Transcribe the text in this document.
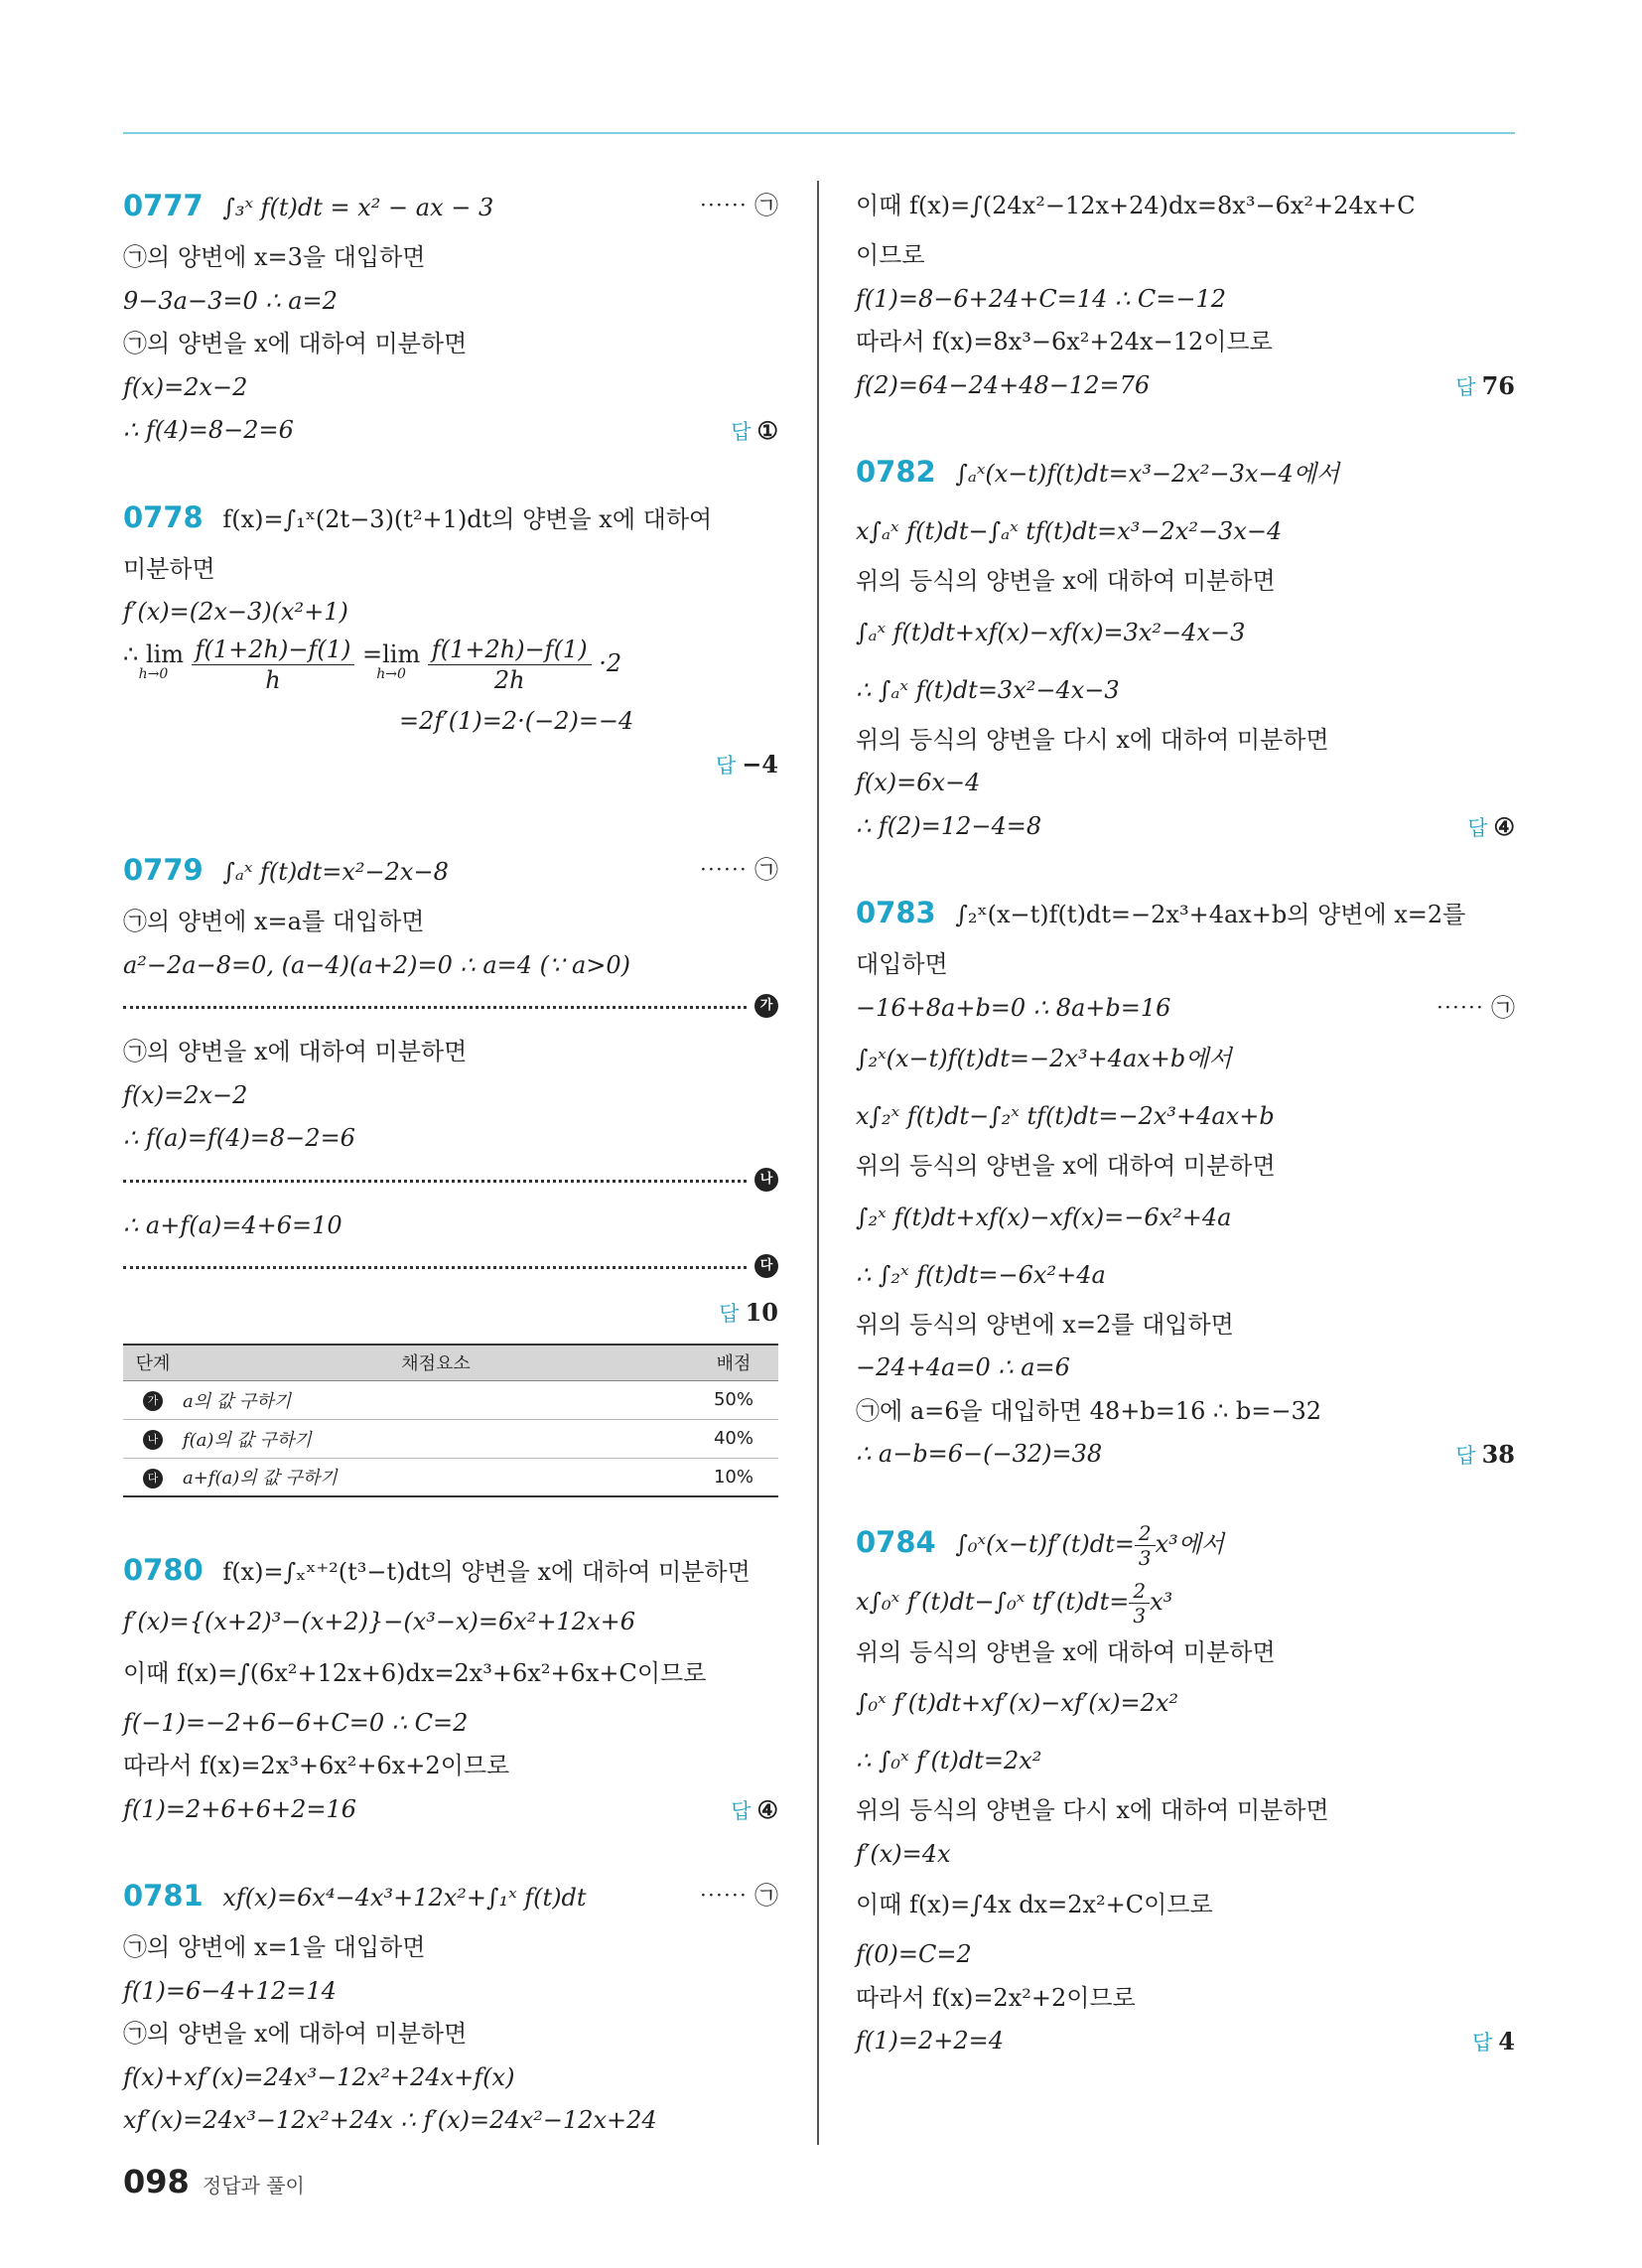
0777 ∫₃ˣ f(t)dt = x² − ax − 3	⋯⋯ ㉠
㉠의 양변에 x=3을 대입하면
9−3a−3=0 ∴ a=2
㉠의 양변을 x에 대하여 미분하면
f(x)=2x−2
∴ f(4)=8−2=6	답 ①
0778 f(x)=∫₁ˣ(2t−3)(t²+1)dt의 양변을 x에 대하여
미분하면
f′(x)=(2x−3)(x²+1)
∴ lim
h→0
$\frac{f(1+2h)-f(1)}{h} =\lim$
h→0
$\frac{f(1+2h)-f(1)}{2h} \cdot 2$
=2f′(1)=2·(−2)=−4
답 −4
0779 ∫ₐˣ f(t)dt=x²−2x−8	⋯⋯ ㉠
㉠의 양변에 x=a를 대입하면
a²−2a−8=0, (a−4)(a+2)=0 ∴ a=4 (∵ a>0)
가
㉠의 양변을 x에 대하여 미분하면
f(x)=2x−2
∴ f(a)=f(4)=8−2=6
나
∴ a+f(a)=4+6=10
다
답 10
단계	채점요소	배점
가	a의 값 구하기	50%
나	f(a)의 값 구하기	40%
다	a+f(a)의 값 구하기	10%
0780 f(x)=∫ₓˣ⁺²(t³−t)dt의 양변을 x에 대하여 미분하면
f′(x)={(x+2)³−(x+2)}−(x³−x)=6x²+12x+6
이때 f(x)=∫(6x²+12x+6)dx=2x³+6x²+6x+C이므로
f(−1)=−2+6−6+C=0 ∴ C=2
따라서 f(x)=2x³+6x²+6x+2이므로
f(1)=2+6+6+2=16	답 ④
0781 xf(x)=6x⁴−4x³+12x²+∫₁ˣ f(t)dt	⋯⋯ ㉠
㉠의 양변에 x=1을 대입하면
f(1)=6−4+12=14
㉠의 양변을 x에 대하여 미분하면
f(x)+xf′(x)=24x³−12x²+24x+f(x)
xf′(x)=24x³−12x²+24x ∴ f′(x)=24x²−12x+24
이때 f(x)=∫(24x²−12x+24)dx=8x³−6x²+24x+C
이므로
f(1)=8−6+24+C=14 ∴ C=−12
따라서 f(x)=8x³−6x²+24x−12이므로
f(2)=64−24+48−12=76	답 76
0782 ∫ₐˣ(x−t)f(t)dt=x³−2x²−3x−4에서
x∫ₐˣ f(t)dt−∫ₐˣ tf(t)dt=x³−2x²−3x−4
위의 등식의 양변을 x에 대하여 미분하면
∫ₐˣ f(t)dt+xf(x)−xf(x)=3x²−4x−3
∴ ∫ₐˣ f(t)dt=3x²−4x−3
위의 등식의 양변을 다시 x에 대하여 미분하면
f(x)=6x−4
∴ f(2)=12−4=8	답 ④
0783 ∫₂ˣ(x−t)f(t)dt=−2x³+4ax+b의 양변에 x=2를
대입하면
−16+8a+b=0 ∴ 8a+b=16	⋯⋯ ㉠
∫₂ˣ(x−t)f(t)dt=−2x³+4ax+b에서
x∫₂ˣ f(t)dt−∫₂ˣ tf(t)dt=−2x³+4ax+b
위의 등식의 양변을 x에 대하여 미분하면
∫₂ˣ f(t)dt+xf(x)−xf(x)=−6x²+4a
∴ ∫₂ˣ f(t)dt=−6x²+4a
위의 등식의 양변에 x=2를 대입하면
−24+4a=0 ∴ a=6
㉠에 a=6을 대입하면 48+b=16 ∴ b=−32
∴ a−b=6−(−32)=38	답 38
0784 ∫₀ˣ(x−t)f′(t)dt= $\frac{2}{3} x^3$에서
x∫₀ˣ f′(t)dt−∫₀ˣ $tf'(t)dt= \frac{2}{3} x^3$
위의 등식의 양변을 x에 대하여 미분하면
∫₀ˣ f′(t)dt+xf′(x)−xf′(x)=2x²
∴ ∫₀ˣ f′(t)dt=2x²
위의 등식의 양변을 다시 x에 대하여 미분하면
f′(x)=4x
이때 f(x)=∫4x dx=2x²+C이므로
f(0)=C=2
따라서 f(x)=2x²+2이므로
f(1)=2+2=4	답 4
098 정답과 풀이
